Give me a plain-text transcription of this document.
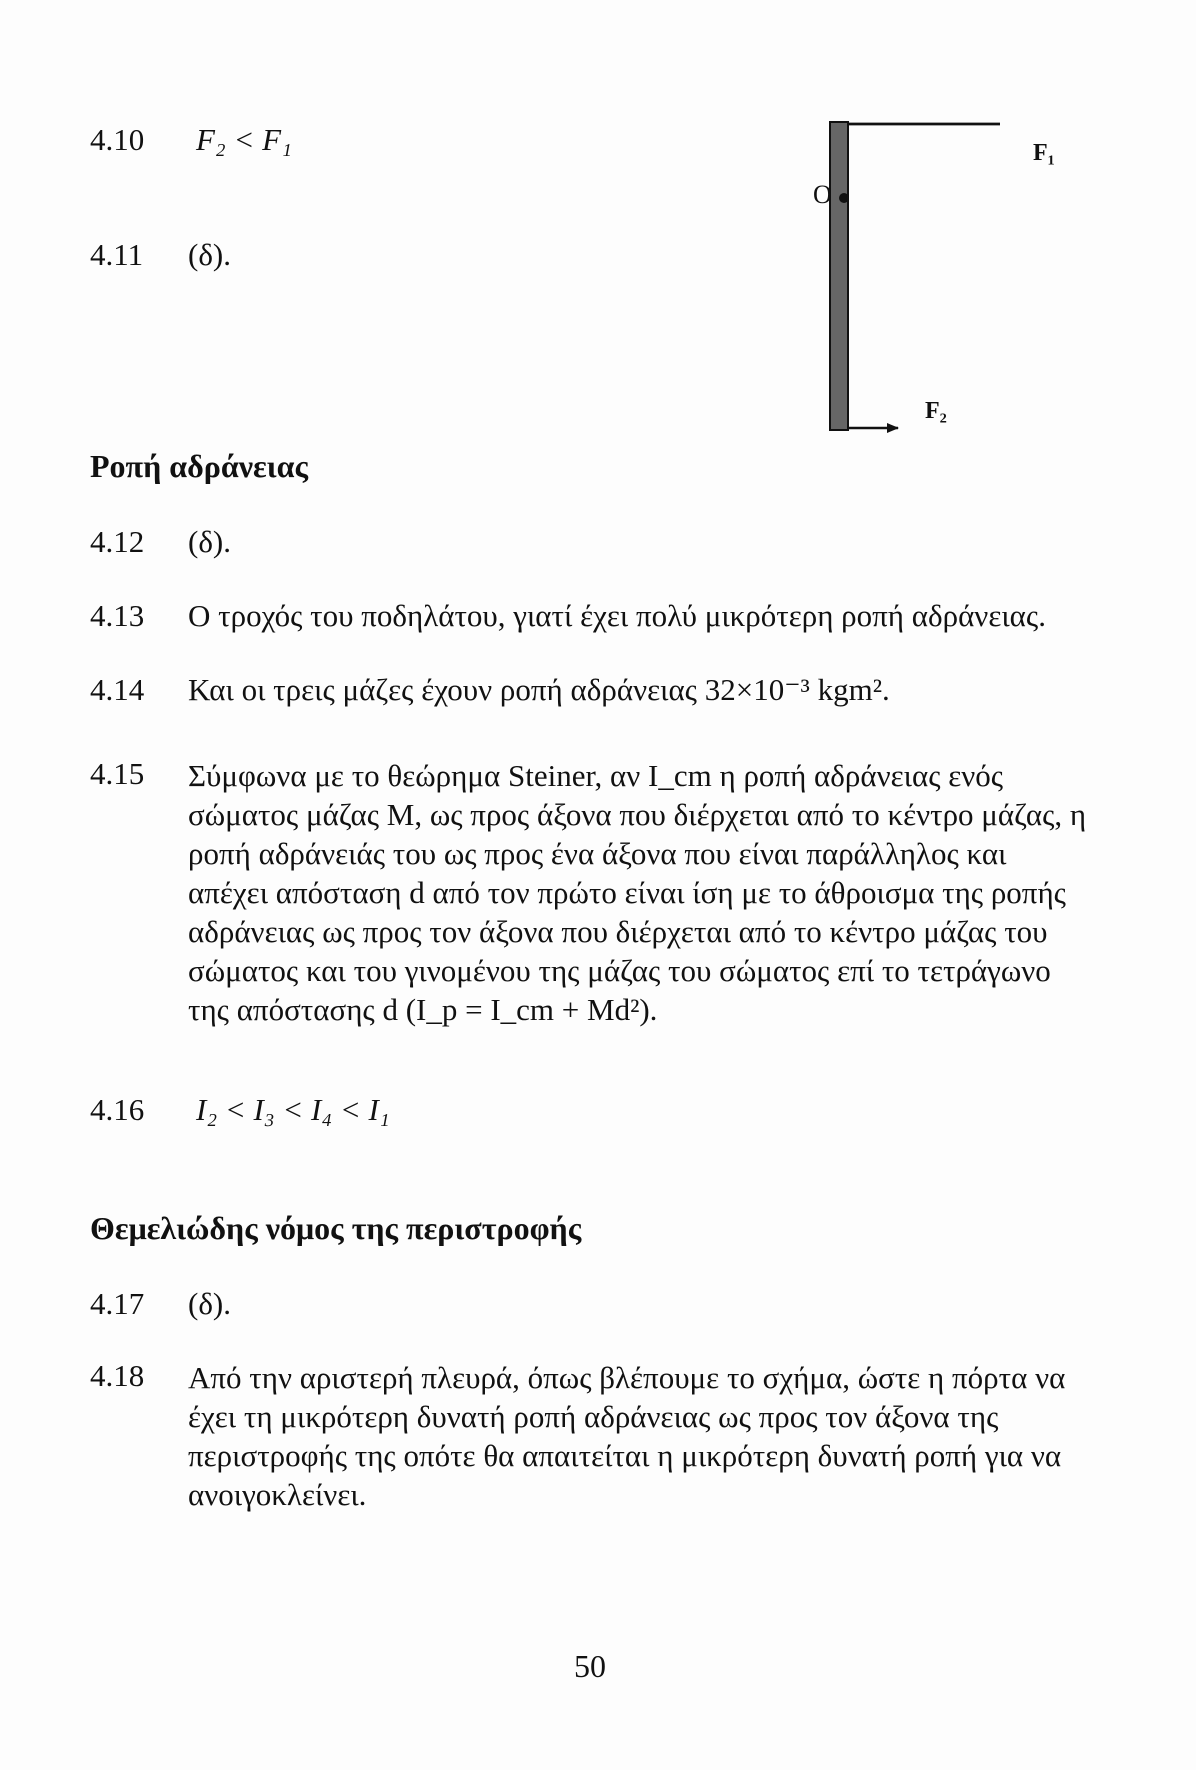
4.10 F₂ < F₁
4.11 (δ).
O
F₁
F₂
Ροπή αδράνειας
4.12 (δ).
4.13 Ο τροχός του ποδηλάτου, γιατί έχει πολύ μικρότερη ροπή αδράνειας.
4.14 Και οι τρεις μάζες έχουν ροπή αδράνειας 32×10⁻³ kgm².
4.15 Σύμφωνα με το θεώρημα Steiner, αν I_cm η ροπή αδράνειας ενός
σώματος μάζας M, ως προς άξονα που διέρχεται από το κέντρο μάζας, η
ροπή αδράνειάς του ως προς ένα άξονα που είναι παράλληλος και
απέχει απόσταση d από τον πρώτο είναι ίση με το άθροισμα της ροπής
αδράνειας ως προς τον άξονα που διέρχεται από το κέντρο μάζας του
σώματος και του γινομένου της μάζας του σώματος επί το τετράγωνο
της απόστασης d (I_p = I_cm + Md²).
4.16 I₂ < I₃ < I₄ < I₁
Θεμελιώδης νόμος της περιστροφής
4.17 (δ).
4.18 Από την αριστερή πλευρά, όπως βλέπουμε το σχήμα, ώστε η πόρτα να
έχει τη μικρότερη δυνατή ροπή αδράνειας ως προς τον άξονα της
περιστροφής της οπότε θα απαιτείται η μικρότερη δυνατή ροπή για να
ανοιγοκλείνει.
50
